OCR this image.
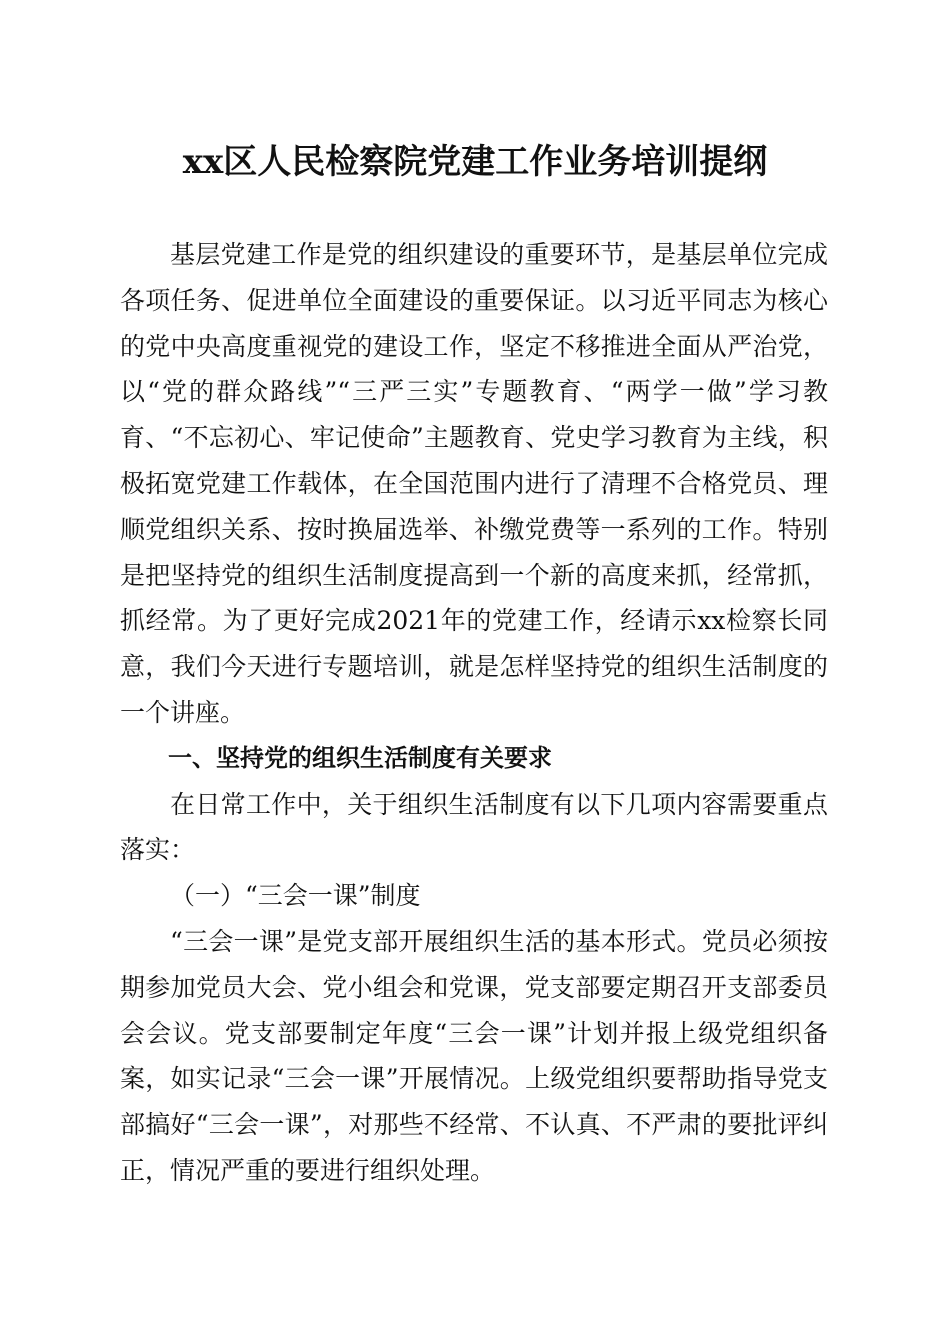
xx区人民检察院党建工作业务培训提纲

基层党建工作是党的组织建设的重要环节，是基层单位完成各项任务、促进单位全面建设的重要保证。以习近平同志为核心的党中央高度重视党的建设工作，坚定不移推进全面从严治党，以“党的群众路线”“三严三实”专题教育、“两学一做”学习教育、“不忘初心、牢记使命”主题教育、党史学习教育为主线，积极拓宽党建工作载体，在全国范围内进行了清理不合格党员、理顺党组织关系、按时换届选举、补缴党费等一系列的工作。特别是把坚持党的组织生活制度提高到一个新的高度来抓，经常抓，抓经常。为了更好完成2021年的党建工作，经请示xx检察长同意，我们今天进行专题培训，就是怎样坚持党的组织生活制度的一个讲座。

一、坚持党的组织生活制度有关要求

在日常工作中，关于组织生活制度有以下几项内容需要重点落实：

（一）“三会一课”制度

“三会一课”是党支部开展组织生活的基本形式。党员必须按期参加党员大会、党小组会和党课，党支部要定期召开支部委员会会议。党支部要制定年度“三会一课”计划并报上级党组织备案，如实记录“三会一课”开展情况。上级党组织要帮助指导党支部搞好“三会一课”，对那些不经常、不认真、不严肃的要批评纠正，情况严重的要进行组织处理。
